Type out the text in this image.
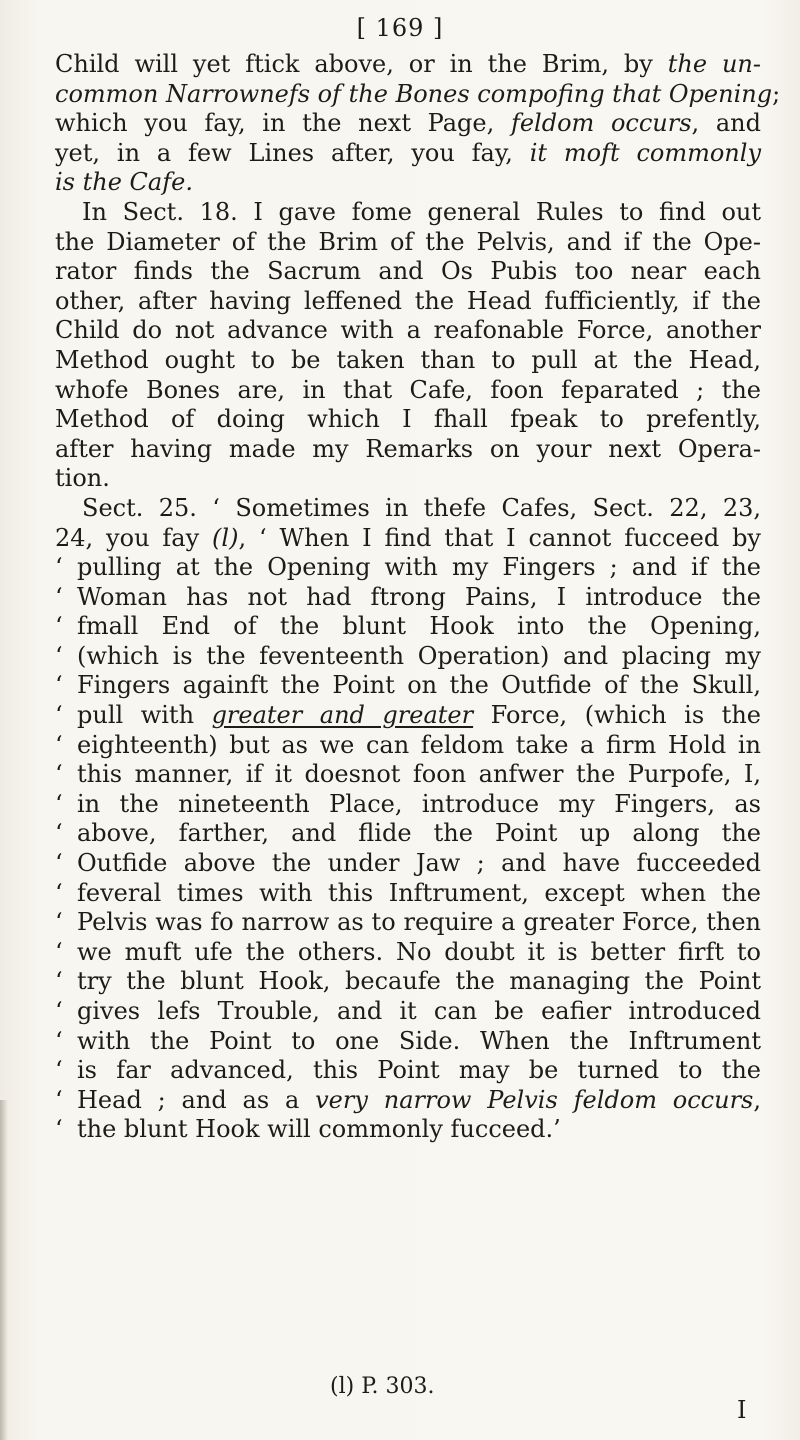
[ 169 ]
Child will yet ftick above, or in the Brim, by the un-
common Narrownefs of the Bones compofing that Opening;
which you fay, in the next Page, feldom occurs, and
yet, in a few Lines after, you fay, it moft commonly
is the Cafe.
In Sect. 18. I gave fome general Rules to find out
the Diameter of the Brim of the Pelvis, and if the Ope-
rator finds the Sacrum and Os Pubis too near each
other, after having leffened the Head fufficiently, if the
Child do not advance with a reafonable Force, another
Method ought to be taken than to pull at the Head,
whofe Bones are, in that Cafe, foon feparated ; the
Method of doing which I fhall fpeak to prefently,
after having made my Remarks on your next Opera-
tion.
Sect. 25. ‘ Sometimes in thefe Cafes, Sect. 22, 23,
24, you fay (l), ‘ When I find that I cannot fucceed by
‘ pulling at the Opening with my Fingers ; and if the
‘ Woman has not had ftrong Pains, I introduce the
‘ fmall End of the blunt Hook into the Opening,
‘ (which is the feventeenth Operation) and placing my
‘ Fingers againft the Point on the Outfide of the Skull,
‘ pull with greater and greater Force, (which is the
‘ eighteenth) but as we can feldom take a firm Hold in
‘ this manner, if it doesnot foon anfwer the Purpofe, I,
‘ in the nineteenth Place, introduce my Fingers, as
‘ above, farther, and flide the Point up along the
‘ Outfide above the under Jaw ; and have fucceeded
‘ feveral times with this Inftrument, except when the
‘ Pelvis was fo narrow as to require a greater Force, then
‘ we muft ufe the others. No doubt it is better firft to
‘ try the blunt Hook, becaufe the managing the Point
‘ gives lefs Trouble, and it can be eafier introduced
‘ with the Point to one Side. When the Inftrument
‘ is far advanced, this Point may be turned to the
‘ Head ; and as a very narrow Pelvis feldom occurs,
‘ the blunt Hook will commonly fucceed.’
(l) P. 303.
I
